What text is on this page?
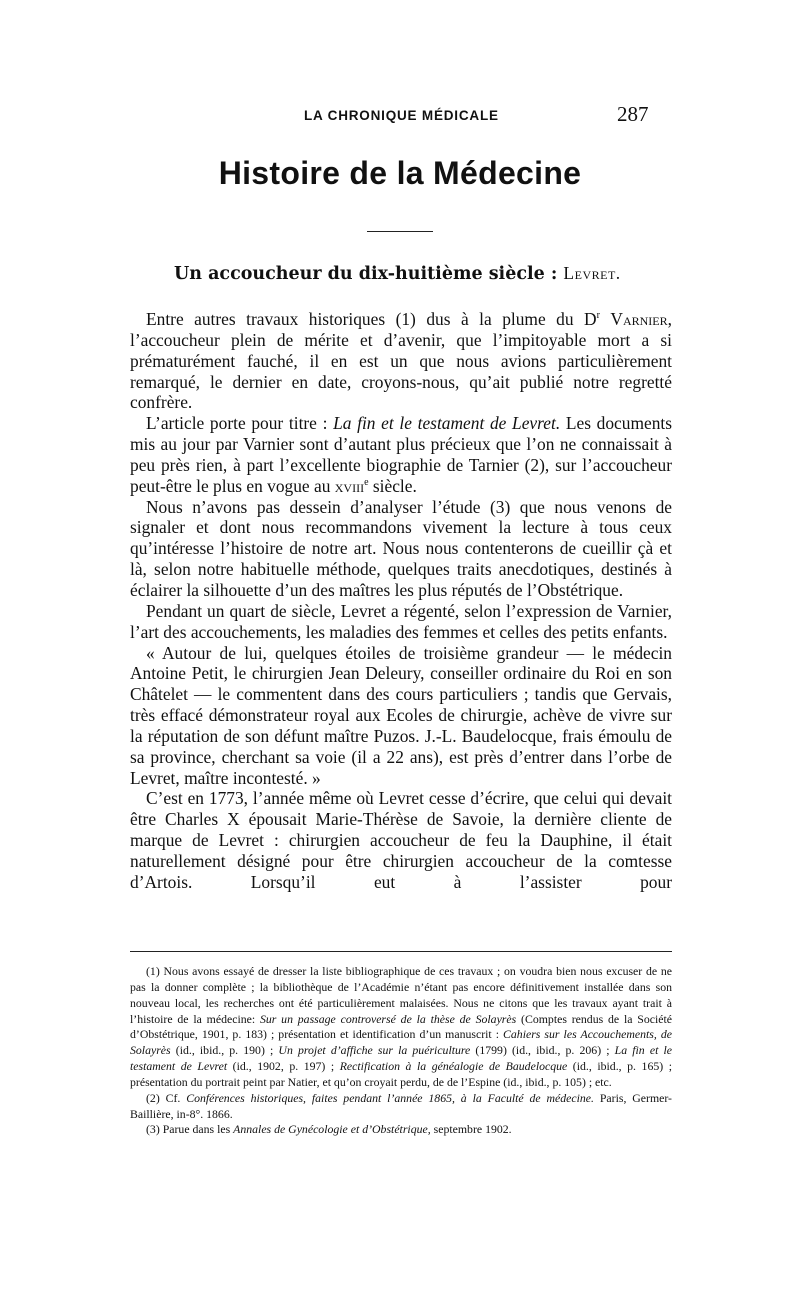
LA CHRONIQUE MÉDICALE	287
Histoire de la Médecine
Un accoucheur du dix-huitième siècle : Levret.

Entre autres travaux historiques (1) dus à la plume du $D^r$ Varnier, l’accoucheur plein de mérite et d’avenir, que l’impitoyable mort a si prématurément fauché, il en est un que nous avions particulièrement remarqué, le dernier en date, croyons-nous, qu’ait publié notre regretté confrère.

L’article porte pour titre : La fin et le testament de Levret. Les documents mis au jour par Varnier sont d’autant plus précieux que l’on ne connaissait à peu près rien, à part l’excellente biographie de Tarnier (2), sur l’accoucheur peut-être le plus en vogue au xviii$^e$ siècle.

Nous n’avons pas dessein d’analyser l’étude (3) que nous venons de signaler et dont nous recommandons vivement la lecture à tous ceux qu’intéresse l’histoire de notre art. Nous nous contenterons de cueillir çà et là, selon notre habituelle méthode, quelques traits anecdotiques, destinés à éclairer la silhouette d’un des maîtres les plus réputés de l’Obstétrique.

Pendant un quart de siècle, Levret a régenté, selon l’expression de Varnier, l’art des accouchements, les maladies des femmes et celles des petits enfants.

« Autour de lui, quelques étoiles de troisième grandeur — le médecin Antoine Petit, le chirurgien Jean Deleury, conseiller ordinaire du Roi en son Châtelet — le commentent dans des cours particuliers ; tandis que Gervais, très effacé démonstrateur royal aux Ecoles de chirurgie, achève de vivre sur la réputation de son défunt maître Puzos. J.-L. Baudelocque, frais émoulu de sa province, cherchant sa voie (il a 22 ans), est près d’entrer dans l’orbe de Levret, maître incontesté. »

C’est en 1773, l’année même où Levret cesse d’écrire, que celui qui devait être Charles X épousait Marie-Thérèse de Savoie, la dernière cliente de marque de Levret : chirurgien accoucheur de feu la Dauphine, il était naturellement désigné pour être chirurgien accoucheur de la comtesse d’Artois. Lorsqu’il eut à l’assister pour

(1) Nous avons essayé de dresser la liste bibliographique de ces travaux ; on voudra bien nous excuser de ne pas la donner complète ; la bibliothèque de l’Académie n’étant pas encore définitivement installée dans son nouveau local, les recherches ont été particulièrement malaisées. Nous ne citons que les travaux ayant trait à l’histoire de la médecine: Sur un passage controversé de la thèse de Solayrès (Comptes rendus de la Société d’Obstétrique, 1901, p. 183) ; présentation et identification d’un manuscrit : Cahiers sur les Accouchements, de Solayrès (id., ibid., p. 190) ; Un projet d’affiche sur la puériculture (1799) (id., ibid., p. 206) ; La fin et le testament de Levret (id., 1902, p. 197) ; Rectification à la généalogie de Baudelocque (id., ibid., p. 165) ; présentation du portrait peint par Natier, et qu’on croyait perdu, de de l’Espine (id., ibid., p. 105) ; etc.

(2) Cf. Conférences historiques, faites pendant l’année 1865, à la Faculté de médecine. Paris, Germer-Baillière, in-8°. 1866.

(3) Parue dans les Annales de Gynécologie et d’Obstétrique, septembre 1902.
